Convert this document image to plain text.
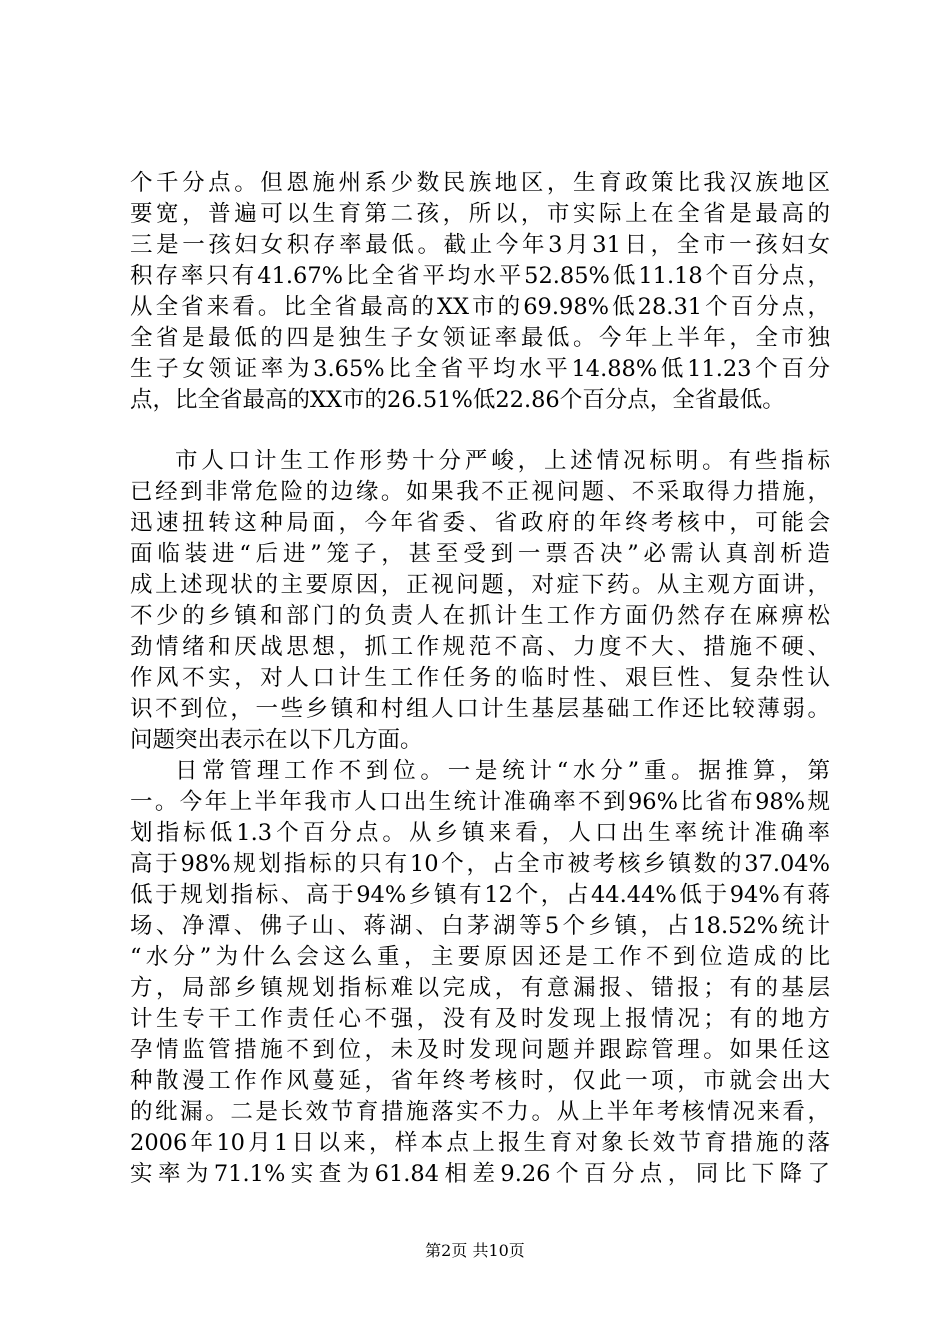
个千分点。但恩施州系少数民族地区，生育政策比我汉族地区
要宽，普遍可以生育第二孩，所以，市实际上在全省是最高的
三是一孩妇女积存率最低。截止今年3月31日，全市一孩妇女
积存率只有41.67%比全省平均水平52.85%低11.18个百分点，
从全省来看。比全省最高的XX市的69.98%低28.31个百分点，
全省是最低的四是独生子女领证率最低。今年上半年，全市独
生子女领证率为3.65%比全省平均水平14.88%低11.23个百分
点，比全省最高的XX市的26.51%低22.86个百分点，全省最低。
市人口计生工作形势十分严峻，上述情况标明。有些指标
已经到非常危险的边缘。如果我不正视问题、不采取得力措施，
迅速扭转这种局面，今年省委、省政府的年终考核中，可能会
面临装进“后进”笼子，甚至受到一票否决”必需认真剖析造
成上述现状的主要原因，正视问题，对症下药。从主观方面讲，
不少的乡镇和部门的负责人在抓计生工作方面仍然存在麻痹松
劲情绪和厌战思想，抓工作规范不高、力度不大、措施不硬、
作风不实，对人口计生工作任务的临时性、艰巨性、复杂性认
识不到位，一些乡镇和村组人口计生基层基础工作还比较薄弱。
问题突出表示在以下几方面。
日常管理工作不到位。一是统计“水分”重。据推算，第
一。今年上半年我市人口出生统计准确率不到96%比省布98%规
划指标低1.3个百分点。从乡镇来看，人口出生率统计准确率
高于98%规划指标的只有10个，占全市被考核乡镇数的37.04%
低于规划指标、高于94%乡镇有12个，占44.44%低于94%有蒋
场、净潭、佛子山、蒋湖、白茅湖等5个乡镇，占18.52%统计
“水分”为什么会这么重，主要原因还是工作不到位造成的比
方，局部乡镇规划指标难以完成，有意漏报、错报；有的基层
计生专干工作责任心不强，没有及时发现上报情况；有的地方
孕情监管措施不到位，未及时发现问题并跟踪管理。如果任这
种散漫工作作风蔓延，省年终考核时，仅此一项，市就会出大
的纰漏。二是长效节育措施落实不力。从上半年考核情况来看，
2006年10月1日以来，样本点上报生育对象长效节育措施的落
实率为71.1%实查为61.84相差9.26个百分点，同比下降了
第2页 共10页
